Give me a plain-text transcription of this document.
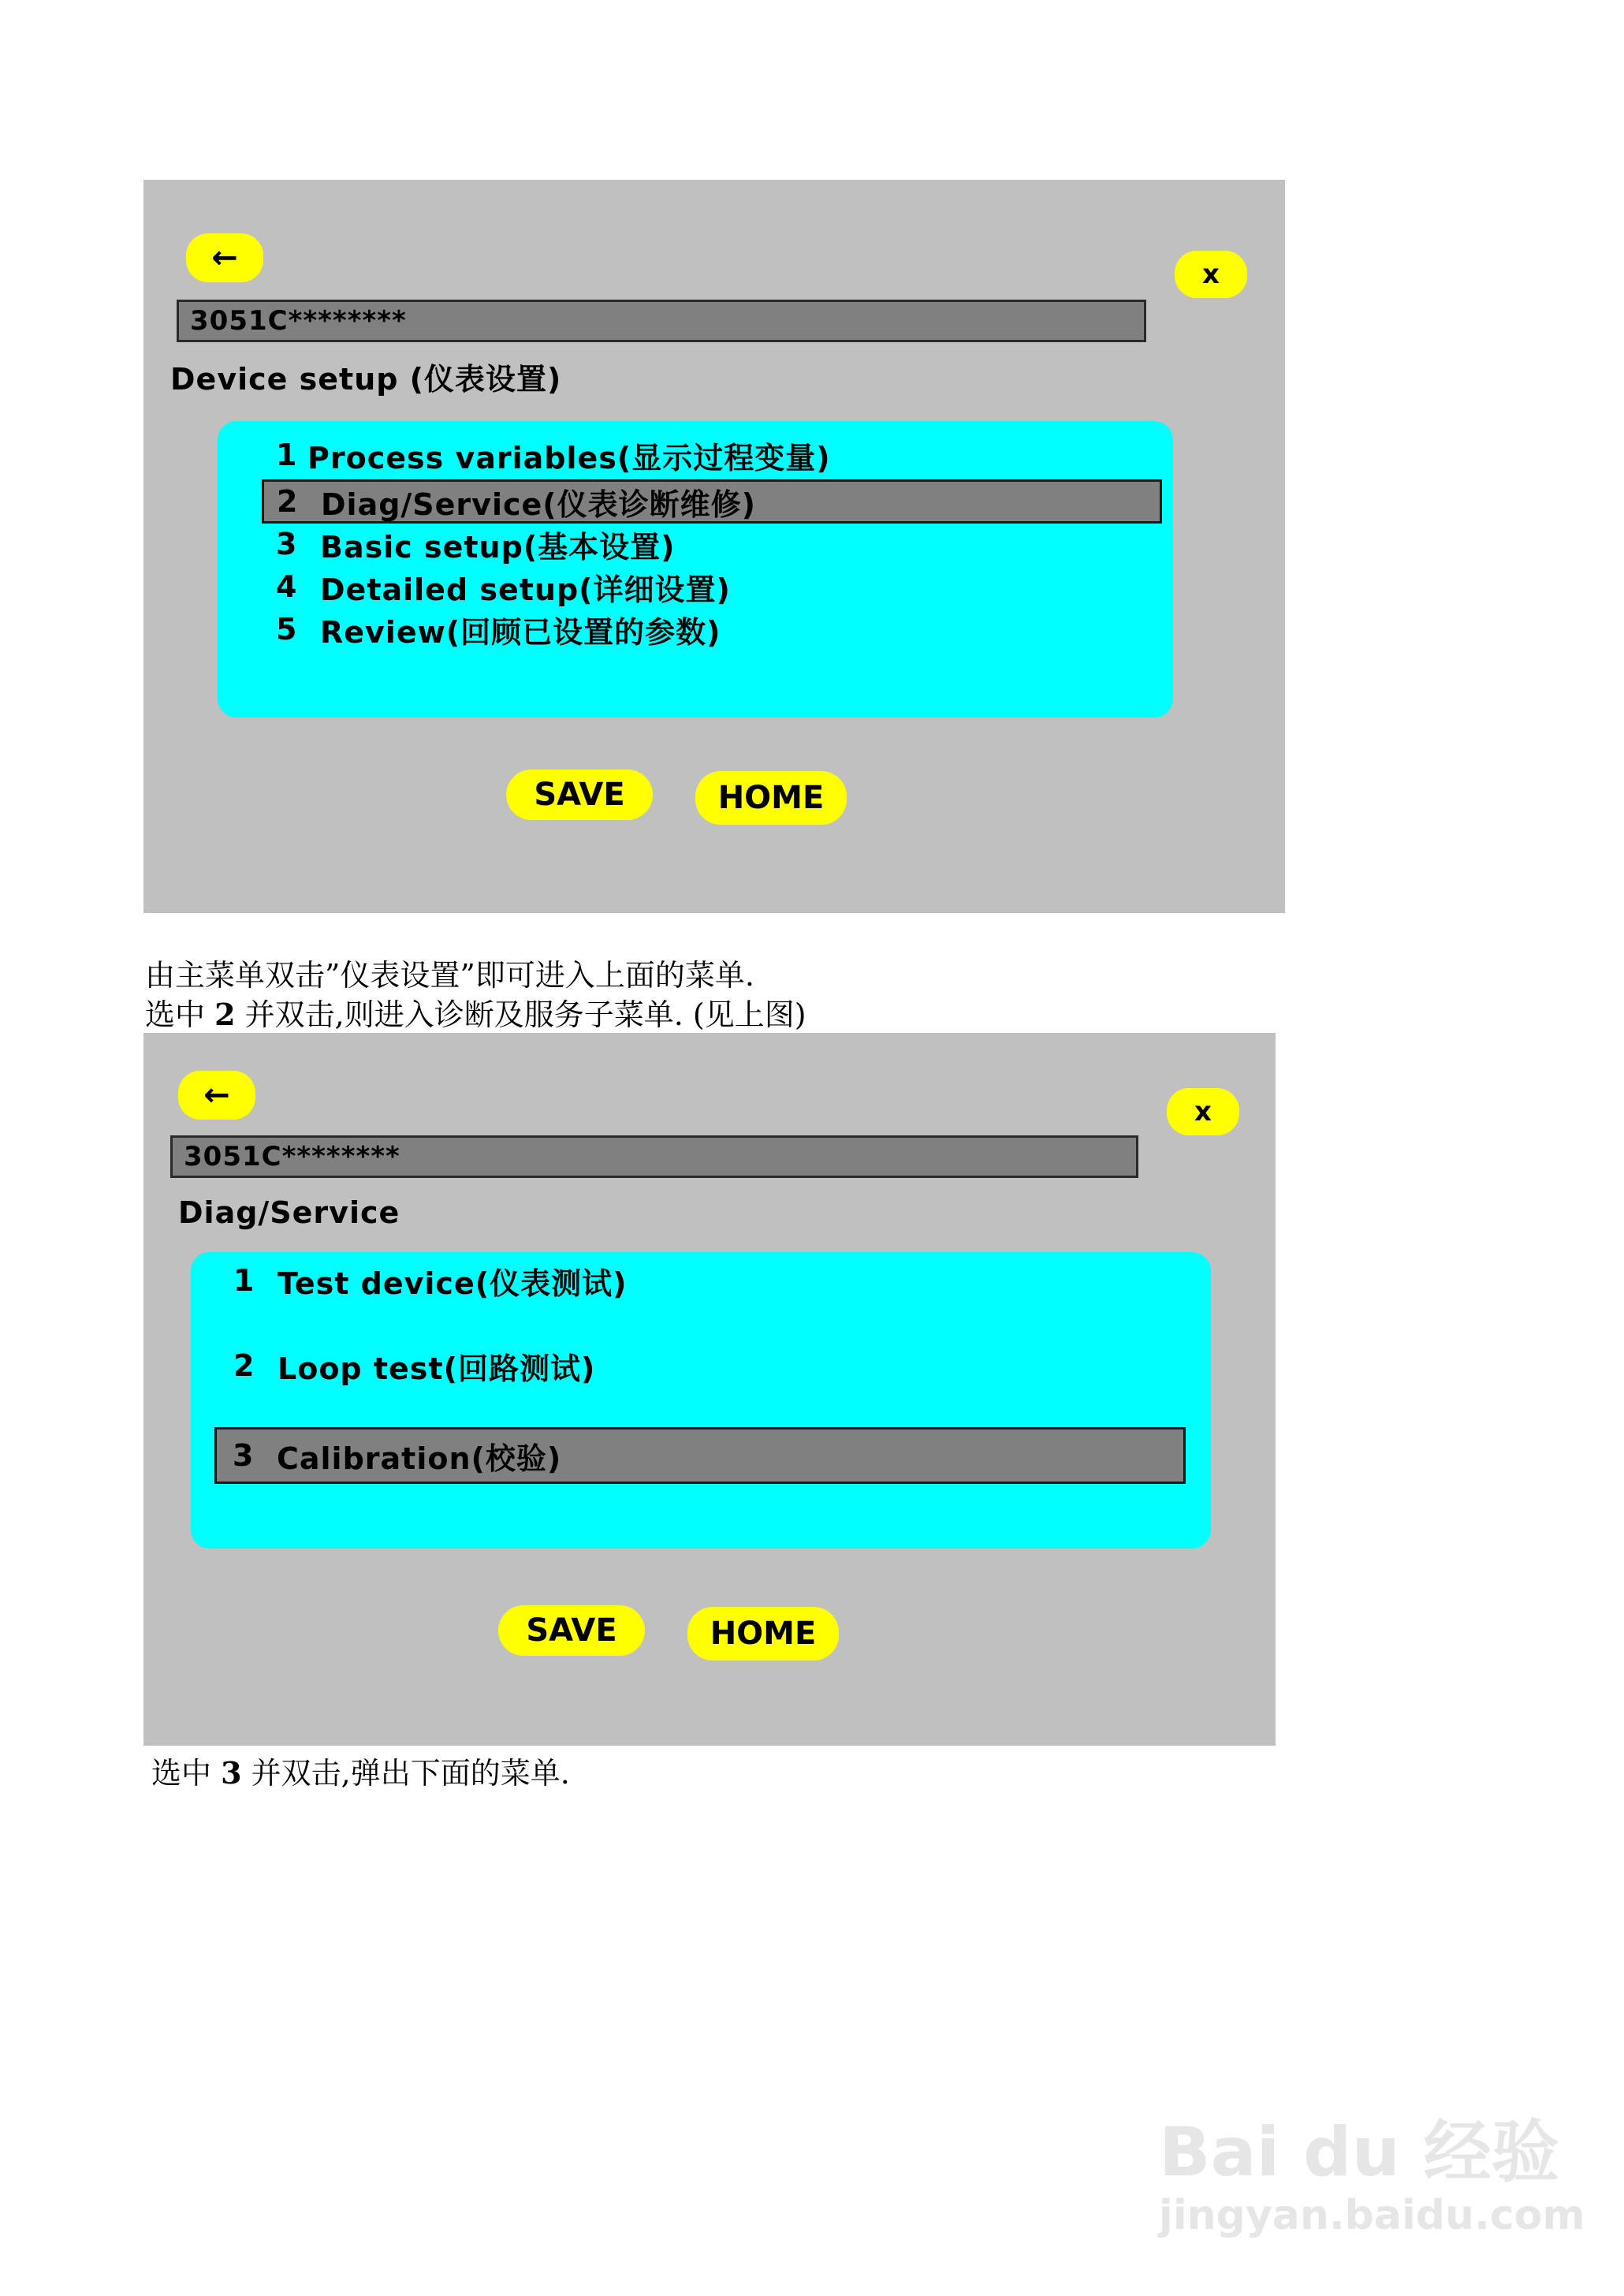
←	x
3051C********
Device setup (仪表设置)
1 Process variables(显示过程变量)
2 Diag/Service(仪表诊断维修)
3 Basic setup(基本设置)
4 Detailed setup(详细设置)
5 Review(回顾已设置的参数)
SAVE	HOME
由主菜单双击”仪表设置”即可进入上面的菜单.
选中 2 并双击,则进入诊断及服务子菜单. (见上图)
←	x
3051C********
Diag/Service
1 Test device(仪表测试)
2 Loop test(回路测试)
3 Calibration(校验)
SAVE	HOME
选中 3 并双击,弹出下面的菜单.
Bai du 经验
jingyan.baidu.com
